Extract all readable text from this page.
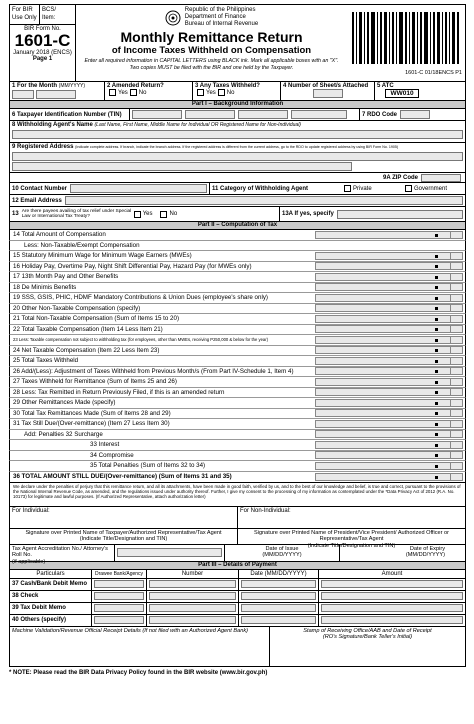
For BIR
Use Only
BCS/
Item:
BIR Form No.
1601-C
January 2018 (ENCS)
Page 1
Republic of the Philippines
Department of Finance
Bureau of Internal Revenue
Monthly Remittance Return
of Income Taxes Withheld on Compensation
Enter all required information in CAPITAL LETTERS using BLACK ink. Mark all applicable boxes with an "X". Two copies MUST be filed with the BIR and one held by the Taxpayer.
1601-C 01/18ENCS P1
1 For the Month (MM/YYYY)	2 Amended Return?
Yes No
3 Any Taxes Withheld?
Yes No
4 Number of Sheet/s Attached	5 ATC
WW010
Part I – Background Information
6 Taxpayer Identification Number (TIN)	7 RDO Code
8 Withholding Agent's Name (Last Name, First Name, Middle Name for Individual OR Registered Name for Non-Individual)
9 Registered Address (Indicate complete address. If branch, indicate the branch address. If the registered address is different from the current address, go to the RDO to update registered address by using BIR Form No. 1905)
9A ZIP Code
10 Contact Number	11 Category of Withholding Agent	Private	Government
12 Email Address
13 Are there payees availing of tax relief under Special Law or International Tax Treaty?	Yes	No	13A If yes, specify
Part II – Computation of Tax
14 Total Amount of Compensation
Less: Non-Taxable/Exempt Compensation
15 Statutory Minimum Wage for Minimum Wage Earners (MWEs)
16 Holiday Pay, Overtime Pay, Night Shift Differential Pay, Hazard Pay (for MWEs only)
17 13th Month Pay and Other Benefits
18 De Minimis Benefits
19 SSS, GSIS, PHIC, HDMF Mandatory Contributions & Union Dues (employee's share only)
20 Other Non-Taxable Compensation (specify)
21 Total Non-Taxable Compensation (Sum of Items 15 to 20)
22 Total Taxable Compensation (Item 14 Less Item 21)
23 Less: Taxable compensation not subject to withholding tax (for employees, other than MWEs, receiving P250,000 & below for the year)
24 Net Taxable Compensation (Item 22 Less Item 23)
25 Total Taxes Withheld
26 Add/(Less): Adjustment of Taxes Withheld from Previous Month/s (From Part IV-Schedule 1, Item 4)
27 Taxes Withheld for Remittance (Sum of Items 25 and 26)
28 Less: Tax Remitted in Return Previously Filed, if this is an amended return
29 Other Remittances Made (specify)
30 Total Tax Remittances Made (Sum of Items 28 and 29)
31 Tax Still Due/(Over-remittance) (Item 27 Less Item 30)
Add: Penalties 32 Surcharge
33 Interest
34 Compromise
35 Total Penalties (Sum of Items 32 to 34)
36 TOTAL AMOUNT STILL DUE/(Over-remittance) (Sum of Items 31 and 35)
We declare under the penalties of perjury that this remittance return, and all its attachments, have been made in good faith, verified by us, and to the best of our knowledge and belief, is true and correct, pursuant to the provisions of the National Internal Revenue Code, as amended, and the regulations issued under authority thereof. Further, I give my consent to the processing of my information as contemplated under the *Data Privacy Act of 2012 (R.A. No. 10173) for legitimate and lawful purposes. (If Authorized Representative, attach authorization letter)
For Individual:	For Non-Individual:
Signature over Printed Name of Taxpayer/Authorized Representative/Tax Agent
(Indicate Title/Designation and TIN)
Signature over Printed Name of President/Vice President/ Authorized Officer or Representative/Tax Agent
(Indicate Title/Designation and TIN)
Tax Agent Accreditation No./ Attorney's Roll No.
(if applicable)
Date of Issue
(MM/DD/YYYY)
Date of Expiry
(MM/DD/YYYY)
Part III – Details of Payment
Particulars	Drawee Bank/Agency	Number	Date (MM/DD/YYYY)	Amount
37 Cash/Bank Debit Memo
38 Check
39 Tax Debit Memo
40 Others (specify)
Machine Validation/Revenue Official Receipt Details (If not filed with an Authorized Agent Bank)	Stamp of Receiving Office/AAB and Date of Receipt
(RO's Signature/Bank Teller's Initial)
* NOTE: Please read the BIR Data Privacy Policy found in the BIR website (www.bir.gov.ph)
